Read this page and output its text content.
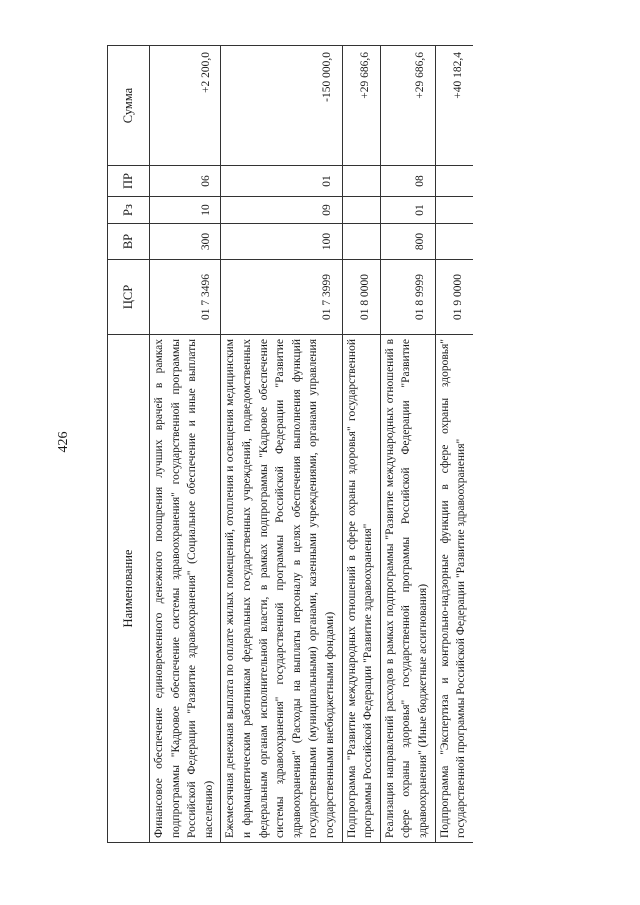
426
Наименование	ЦСР	ВР	Рз	ПР	Сумма
Финансовое обеспечение единовременного денежного поощрения лучших врачей в рамках подпрограммы "Кадровое обеспечение системы здравоохранения" государственной программы Российской Федерации "Развитие здравоохранения" (Социальное обеспечение и иные выплаты населению)	01 7 3496	300	10	06	+2 200,0
Ежемесячная денежная выплата по оплате жилых помещений, отопления и освещения медицинским и фармацевтическим работникам федеральных государственных учреждений, подведомственных федеральным органам исполнительной власти, в рамках подпрограммы "Кадровое обеспечение системы здравоохранения" государственной программы Российской Федерации "Развитие здравоохранения" (Расходы на выплаты персоналу в целях обеспечения выполнения функций государственными (муниципальными) органами, казенными учреждениями, органами управления государственными внебюджетными фондами)	01 7 3999	100	09	01	-150 000,0
Подпрограмма "Развитие международных отношений в сфере охраны здоровья" государственной программы Российской Федерации "Развитие здравоохранения"	01 8 0000				+29 686,6
Реализация направлений расходов в рамках подпрограммы "Развитие международных отношений в сфере охраны здоровья" государственной программы Российской Федерации "Развитие здравоохранения" (Иные бюджетные ассигнования)	01 8 9999	800	01	08	+29 686,6
Подпрограмма "Экспертиза и контрольно-надзорные функции в сфере охраны здоровья" государственной программы Российской Федерации "Развитие здравоохранения"	01 9 0000				+40 182,4
